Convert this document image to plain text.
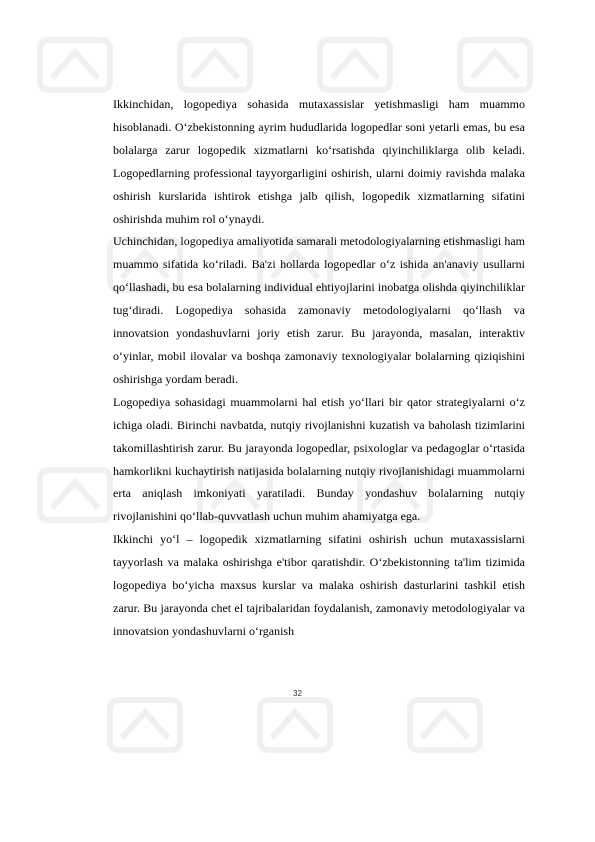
Ikkinchidan, logopediya sohasida mutaxassislar yetishmasligi ham muammo hisoblanadi. O‘zbekistonning ayrim hududlarida logopedlar soni yetarli emas, bu esa bolalarga zarur logopedik xizmatlarni ko‘rsatishda qiyinchiliklarga olib keladi. Logopedlarning professional tayyorgarligini oshirish, ularni doimiy ravishda malaka oshirish kurslarida ishtirok etishga jalb qilish, logopedik xizmatlarning sifatini oshirishda muhim rol o‘ynaydi.

Uchinchidan, logopediya amaliyotida samarali metodologiyalarning etishmasligi ham muammo sifatida ko‘riladi. Ba'zi hollarda logopedlar o‘z ishida an'anaviy usullarni qo‘llashadi, bu esa bolalarning individual ehtiyojlarini inobatga olishda qiyinchiliklar tug‘diradi. Logopediya sohasida zamonaviy metodologiyalarni qo‘llash va innovatsion yondashuvlarni joriy etish zarur. Bu jarayonda, masalan, interaktiv o‘yinlar, mobil ilovalar va boshqa zamonaviy texnologiyalar bolalarning qiziqishini oshirishga yordam beradi.

Logopediya sohasidagi muammolarni hal etish yo‘llari bir qator strategiyalarni o‘z ichiga oladi. Birinchi navbatda, nutqiy rivojlanishni kuzatish va baholash tizimlarini takomillashtirish zarur. Bu jarayonda logopedlar, psixologlar va pedagoglar o‘rtasida hamkorlikni kuchaytirish natijasida bolalarning nutqiy rivojlanishidagi muammolarni erta aniqlash imkoniyati yaratiladi. Bunday yondashuv bolalarning nutqiy rivojlanishini qo‘llab-quvvatlash uchun muhim ahamiyatga ega.

Ikkinchi yo‘l – logopedik xizmatlarning sifatini oshirish uchun mutaxassislarni tayyorlash va malaka oshirishga e'tibor qaratishdir. O‘zbekistonning ta'lim tizimida logopediya bo‘yicha maxsus kurslar va malaka oshirish dasturlarini tashkil etish zarur. Bu jarayonda chet el tajribalaridan foydalanish, zamonaviy metodologiyalar va innovatsion yondashuvlarni o‘rganish

32
